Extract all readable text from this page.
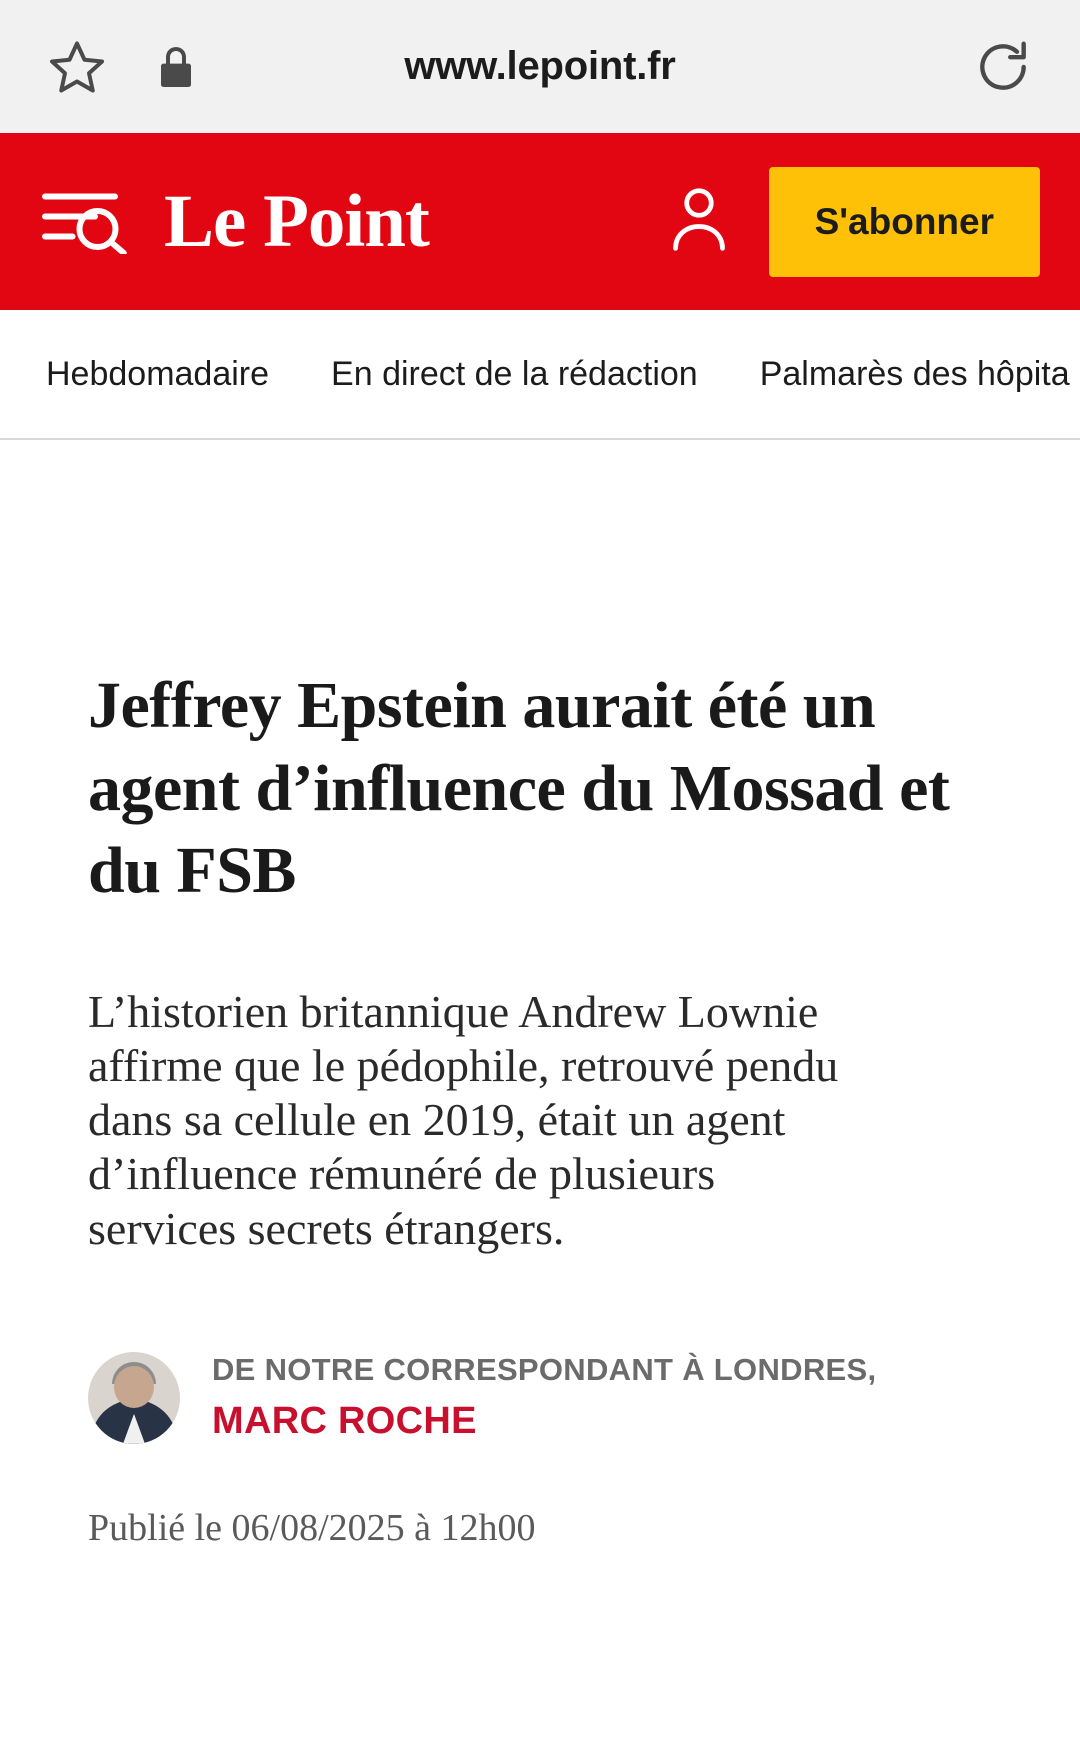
www.lepoint.fr
Le Point	S'abonner
Hebdomadaire En direct de la rédaction Palmarès des hôpita
Jeffrey Epstein aurait été un agent d’influence du Mossad et du FSB

L’historien britannique Andrew Lownie affirme que le pédophile, retrouvé pendu dans sa cellule en 2019, était un agent d’influence rémunéré de plusieurs services secrets étrangers.

DE NOTRE CORRESPONDANT À LONDRES,
MARC ROCHE
Publié le 06/08/2025 à 12h00
